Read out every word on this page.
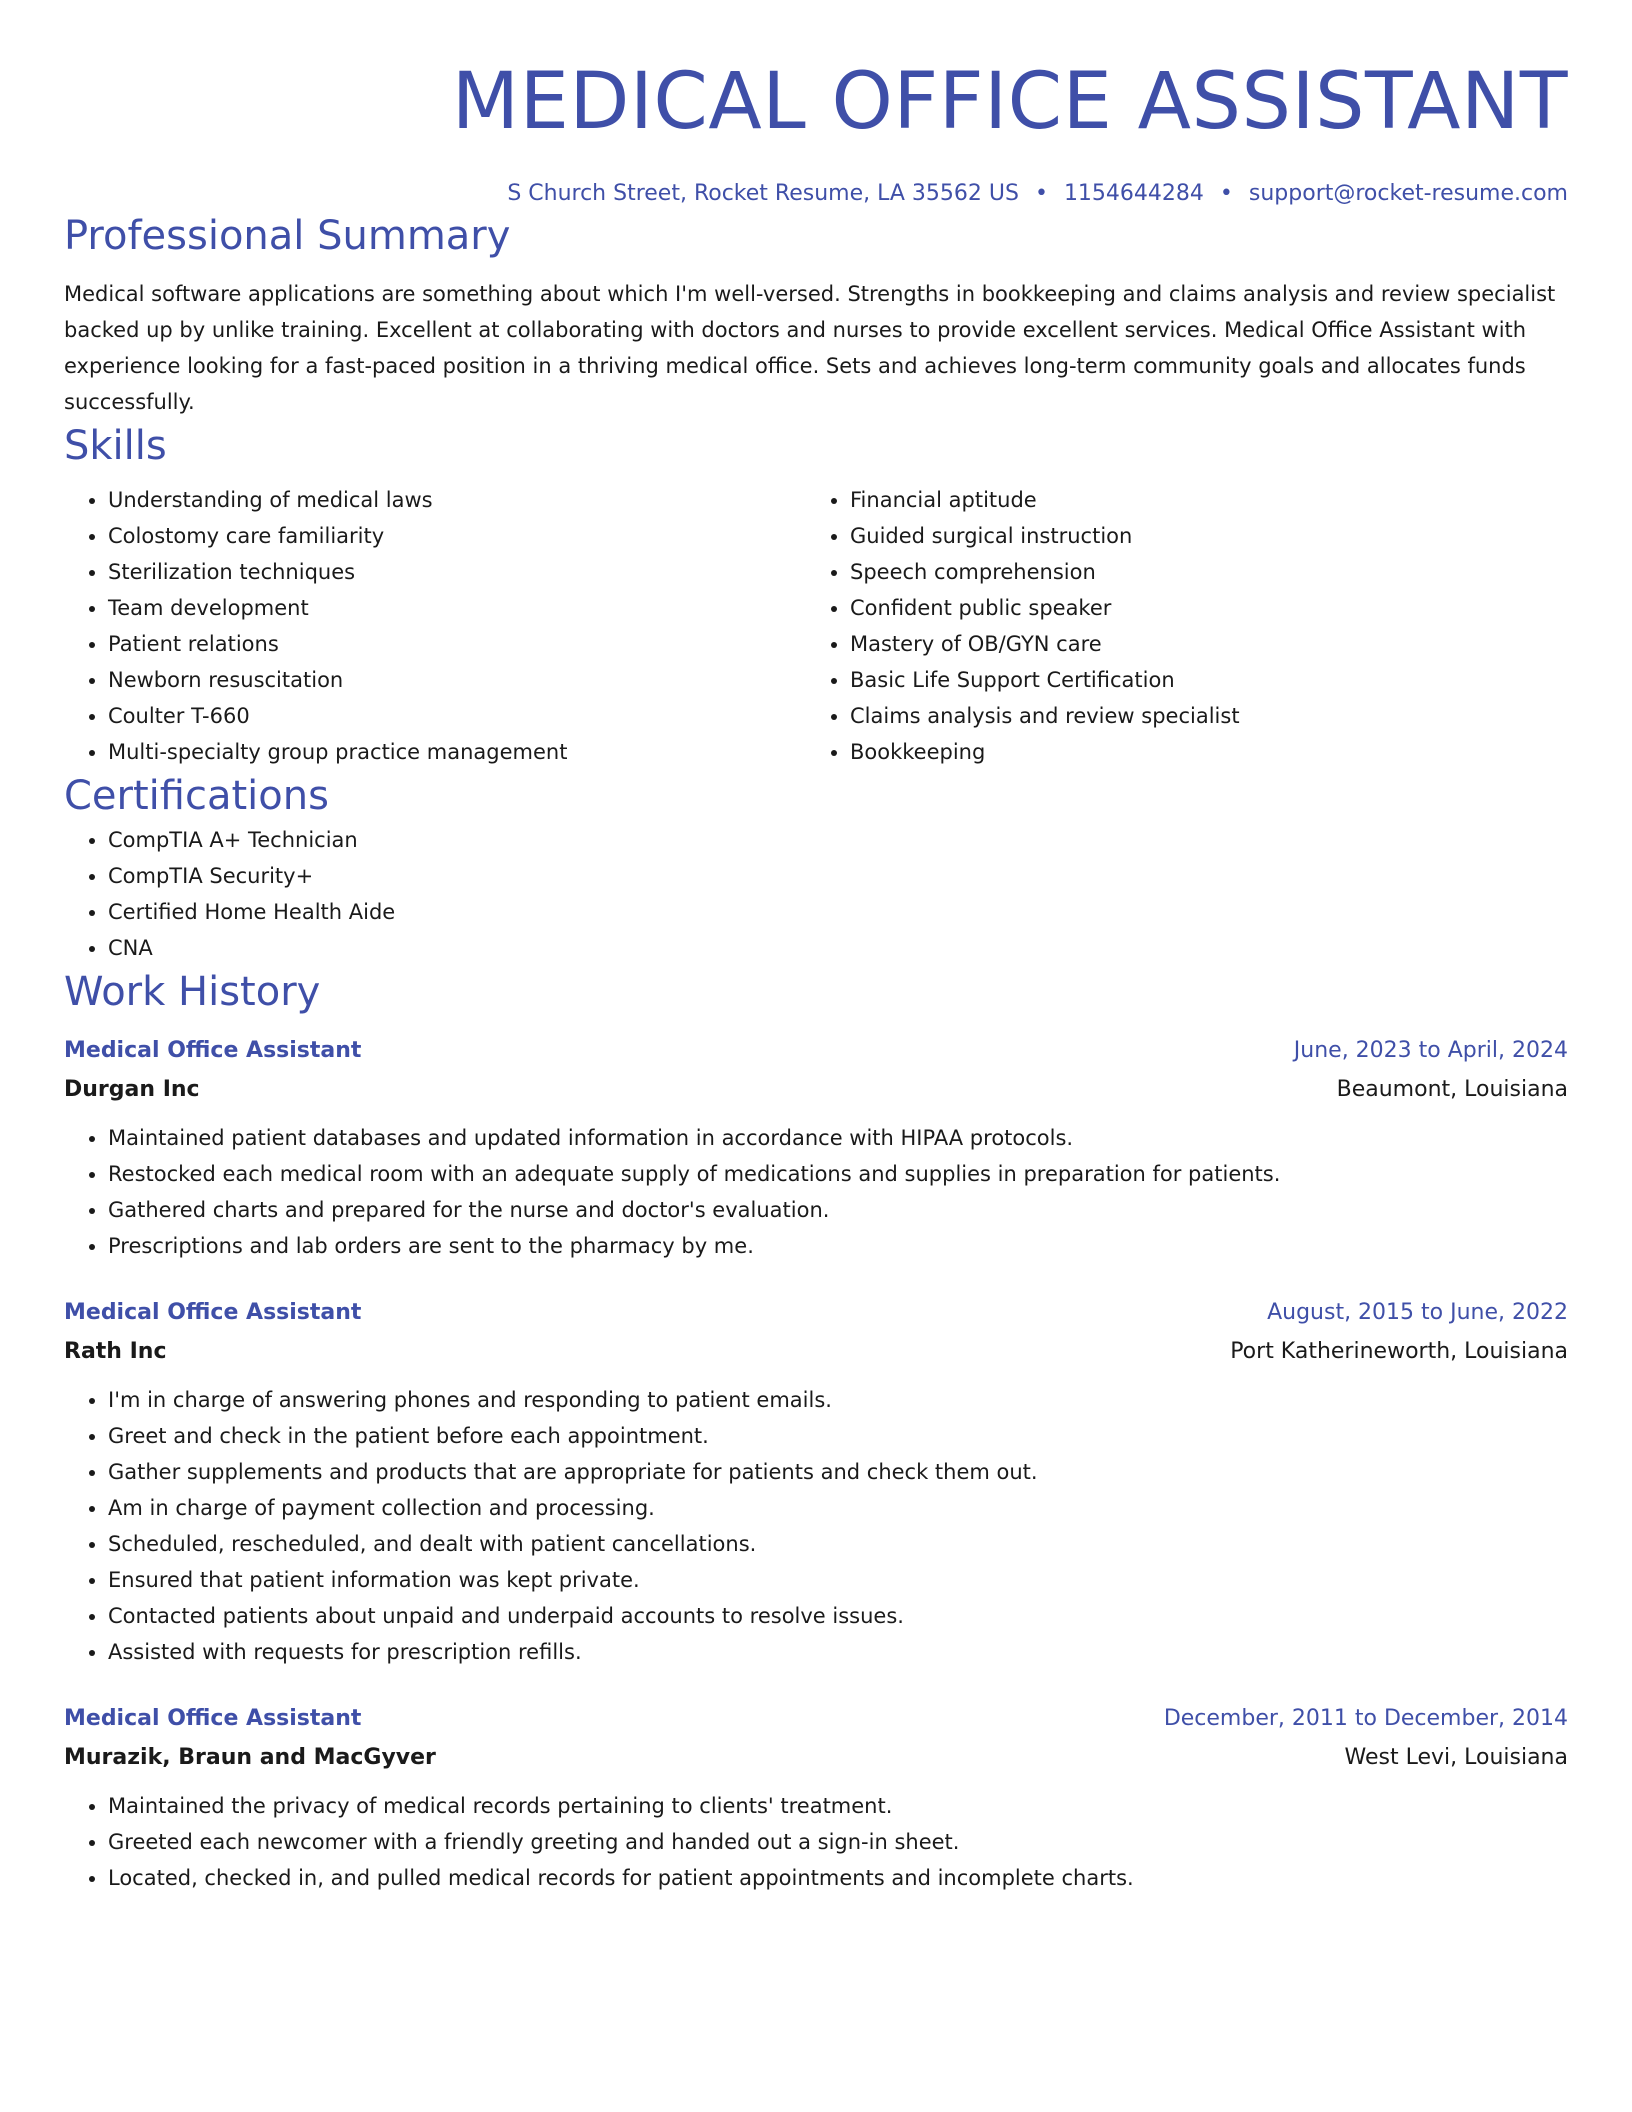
MEDICAL OFFICE ASSISTANT
S Church Street, Rocket Resume, LA 35562 US • 1154644284 • support@rocket-resume.com
Professional Summary
Medical software applications are something about which I'm well-versed. Strengths in bookkeeping and claims analysis and review specialist backed up by unlike training. Excellent at collaborating with doctors and nurses to provide excellent services. Medical Office Assistant with experience looking for a fast-paced position in a thriving medical office. Sets and achieves long-term community goals and allocates funds successfully.
Skills
• Understanding of medical laws
• Colostomy care familiarity
• Sterilization techniques
• Team development
• Patient relations
• Newborn resuscitation
• Coulter T-660
• Multi-specialty group practice management
• Financial aptitude
• Guided surgical instruction
• Speech comprehension
• Confident public speaker
• Mastery of OB/GYN care
• Basic Life Support Certification
• Claims analysis and review specialist
• Bookkeeping
Certifications
• CompTIA A+ Technician
• CompTIA Security+
• Certified Home Health Aide
• CNA
Work History
Medical Office Assistant	June, 2023 to April, 2024
Durgan Inc	Beaumont, Louisiana
• Maintained patient databases and updated information in accordance with HIPAA protocols.
• Restocked each medical room with an adequate supply of medications and supplies in preparation for patients.
• Gathered charts and prepared for the nurse and doctor's evaluation.
• Prescriptions and lab orders are sent to the pharmacy by me.
Medical Office Assistant	August, 2015 to June, 2022
Rath Inc	Port Katherineworth, Louisiana
• I'm in charge of answering phones and responding to patient emails.
• Greet and check in the patient before each appointment.
• Gather supplements and products that are appropriate for patients and check them out.
• Am in charge of payment collection and processing.
• Scheduled, rescheduled, and dealt with patient cancellations.
• Ensured that patient information was kept private.
• Contacted patients about unpaid and underpaid accounts to resolve issues.
• Assisted with requests for prescription refills.
Medical Office Assistant	December, 2011 to December, 2014
Murazik, Braun and MacGyver	West Levi, Louisiana
• Maintained the privacy of medical records pertaining to clients' treatment.
• Greeted each newcomer with a friendly greeting and handed out a sign-in sheet.
• Located, checked in, and pulled medical records for patient appointments and incomplete charts.
